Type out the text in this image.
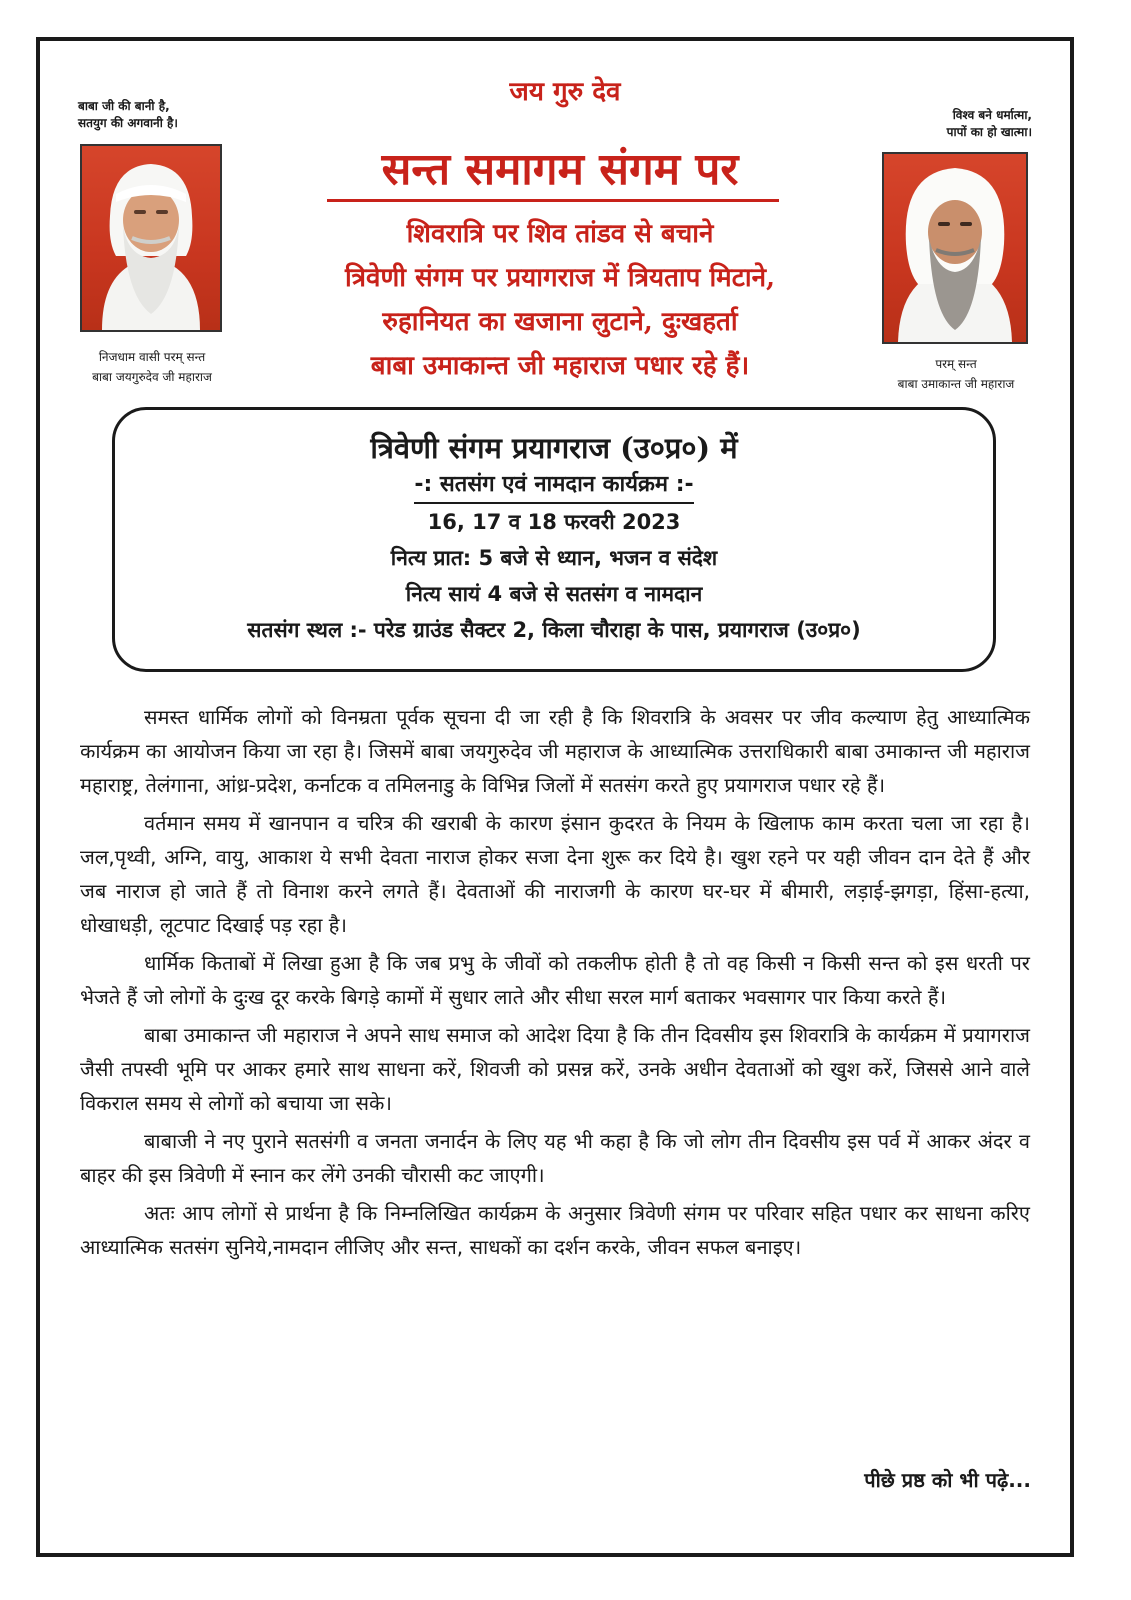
बाबा जी की बानी है,
सतयुग की अगवानी है।
विश्व बने धर्मात्मा,
पापों का हो खात्मा।
निजधाम वासी परम् सन्त
बाबा जयगुरुदेव जी महाराज
परम् सन्त
बाबा उमाकान्त जी महाराज
जय गुरु देव
सन्त समागम संगम पर
शिवरात्रि पर शिव तांडव से बचाने
त्रिवेणी संगम पर प्रयागराज में त्रियताप मिटाने,
रुहानियत का खजाना लुटाने, दुःखहर्ता
बाबा उमाकान्त जी महाराज पधार रहे हैं।
त्रिवेणी संगम प्रयागराज (उ०प्र०) में
-: सतसंग एवं नामदान कार्यक्रम :-
16, 17 व 18 फरवरी 2023
नित्य प्रात: 5 बजे से ध्यान, भजन व संदेश
नित्य सायं 4 बजे से सतसंग व नामदान
सतसंग स्थल :- परेड ग्राउंड सैक्टर 2, किला चौराहा के पास, प्रयागराज (उ०प्र०)

समस्त धार्मिक लोगों को विनम्रता पूर्वक सूचना दी जा रही है कि शिवरात्रि के अवसर पर जीव कल्याण हेतु आध्यात्मिक कार्यक्रम का आयोजन किया जा रहा है। जिसमें बाबा जयगुरुदेव जी महाराज के आध्यात्मिक उत्तराधिकारी बाबा उमाकान्त जी महाराज महाराष्ट्र, तेलंगाना, आंध्र-प्रदेश, कर्नाटक व तमिलनाडु के विभिन्न जिलों में सतसंग करते हुए प्रयागराज पधार रहे हैं।

वर्तमान समय में खानपान व चरित्र की खराबी के कारण इंसान कुदरत के नियम के खिलाफ काम करता चला जा रहा है। जल,पृथ्वी, अग्नि, वायु, आकाश ये सभी देवता नाराज होकर सजा देना शुरू कर दिये है। खुश रहने पर यही जीवन दान देते हैं और जब नाराज हो जाते हैं तो विनाश करने लगते हैं। देवताओं की नाराजगी के कारण घर-घर में बीमारी, लड़ाई-झगड़ा, हिंसा-हत्या, धोखाधड़ी, लूटपाट दिखाई पड़ रहा है।

धार्मिक किताबों में लिखा हुआ है कि जब प्रभु के जीवों को तकलीफ होती है तो वह किसी न किसी सन्त को इस धरती पर भेजते हैं जो लोगों के दुःख दूर करके बिगड़े कामों में सुधार लाते और सीधा सरल मार्ग बताकर भवसागर पार किया करते हैं।

बाबा उमाकान्त जी महाराज ने अपने साध समाज को आदेश दिया है कि तीन दिवसीय इस शिवरात्रि के कार्यक्रम में प्रयागराज जैसी तपस्वी भूमि पर आकर हमारे साथ साधना करें, शिवजी को प्रसन्न करें, उनके अधीन देवताओं को खुश करें, जिससे आने वाले विकराल समय से लोगों को बचाया जा सके।

बाबाजी ने नए पुराने सतसंगी व जनता जनार्दन के लिए यह भी कहा है कि जो लोग तीन दिवसीय इस पर्व में आकर अंदर व बाहर की इस त्रिवेणी में स्नान कर लेंगे उनकी चौरासी कट जाएगी।

अतः आप लोगों से प्रार्थना है कि निम्नलिखित कार्यक्रम के अनुसार त्रिवेणी संगम पर परिवार सहित पधार कर साधना करिए आध्यात्मिक सतसंग सुनिये,नामदान लीजिए और सन्त, साधकों का दर्शन करके, जीवन सफल बनाइए।

पीछे प्रष्ठ को भी पढ़े...
